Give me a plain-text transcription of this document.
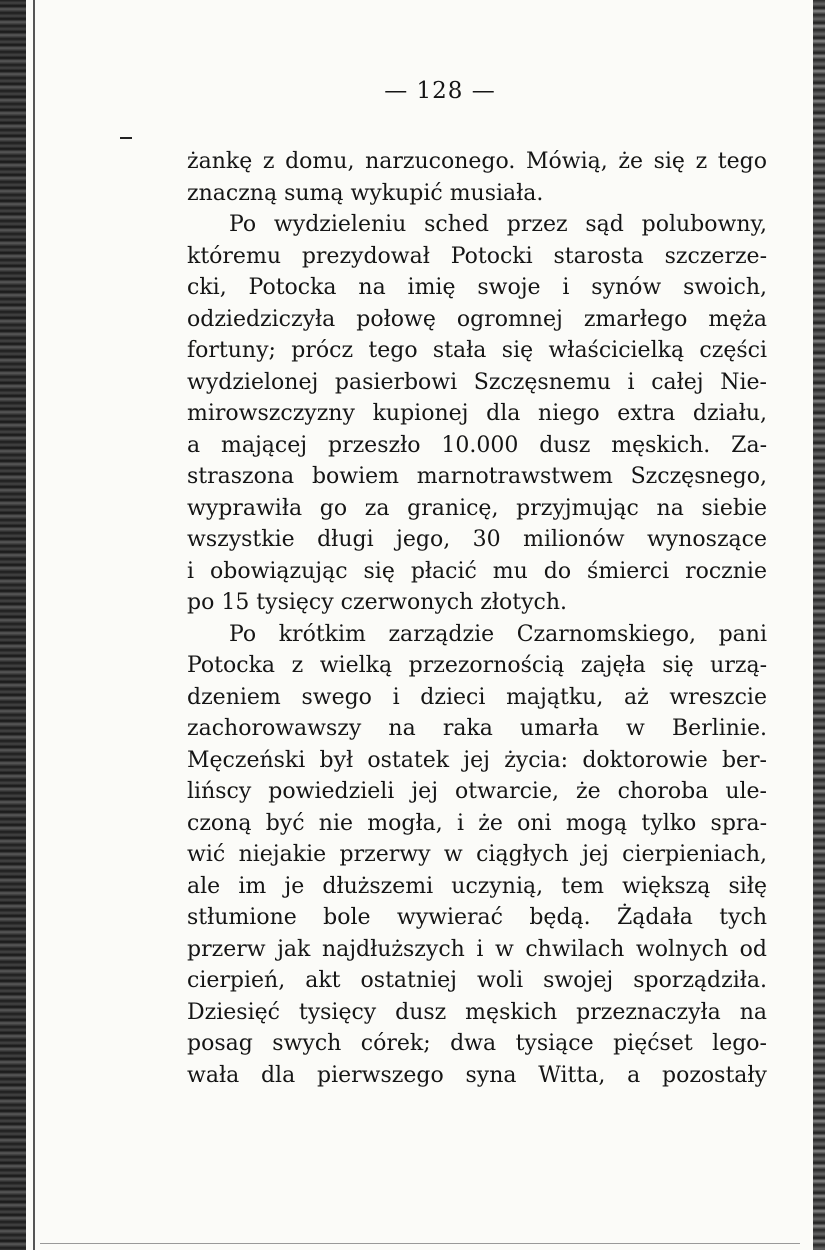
— 128 —
żankę z domu, narzuconego. Mówią, że się z tego
znaczną sumą wykupić musiała.
Po wydzieleniu sched przez sąd polubowny,
któremu prezydował Potocki starosta szczerze-
cki, Potocka na imię swoje i synów swoich,
odziedziczyła połowę ogromnej zmarłego męża
fortuny; prócz tego stała się właścicielką części
wydzielonej pasierbowi Szczęsnemu i całej Nie-
mirowszczyzny kupionej dla niego extra działu,
a mającej przeszło 10.000 dusz męskich. Za-
straszona bowiem marnotrawstwem Szczęsnego,
wyprawiła go za granicę, przyjmując na siebie
wszystkie długi jego, 30 milionów wynoszące
i obowiązując się płacić mu do śmierci rocznie
po 15 tysięcy czerwonych złotych.
Po krótkim zarządzie Czarnomskiego, pani
Potocka z wielką przezornością zajęła się urzą-
dzeniem swego i dzieci majątku, aż wreszcie
zachorowawszy na raka umarła w Berlinie.
Męczeński był ostatek jej życia: doktorowie ber-
lińscy powiedzieli jej otwarcie, że choroba ule-
czoną być nie mogła, i że oni mogą tylko spra-
wić niejakie przerwy w ciągłych jej cierpieniach,
ale im je dłuższemi uczynią, tem większą siłę
stłumione bole wywierać będą. Żądała tych
przerw jak najdłuższych i w chwilach wolnych od
cierpień, akt ostatniej woli swojej sporządziła.
Dziesięć tysięcy dusz męskich przeznaczyła na
posag swych córek; dwa tysiące pięćset lego-
wała dla pierwszego syna Witta, a pozostały
